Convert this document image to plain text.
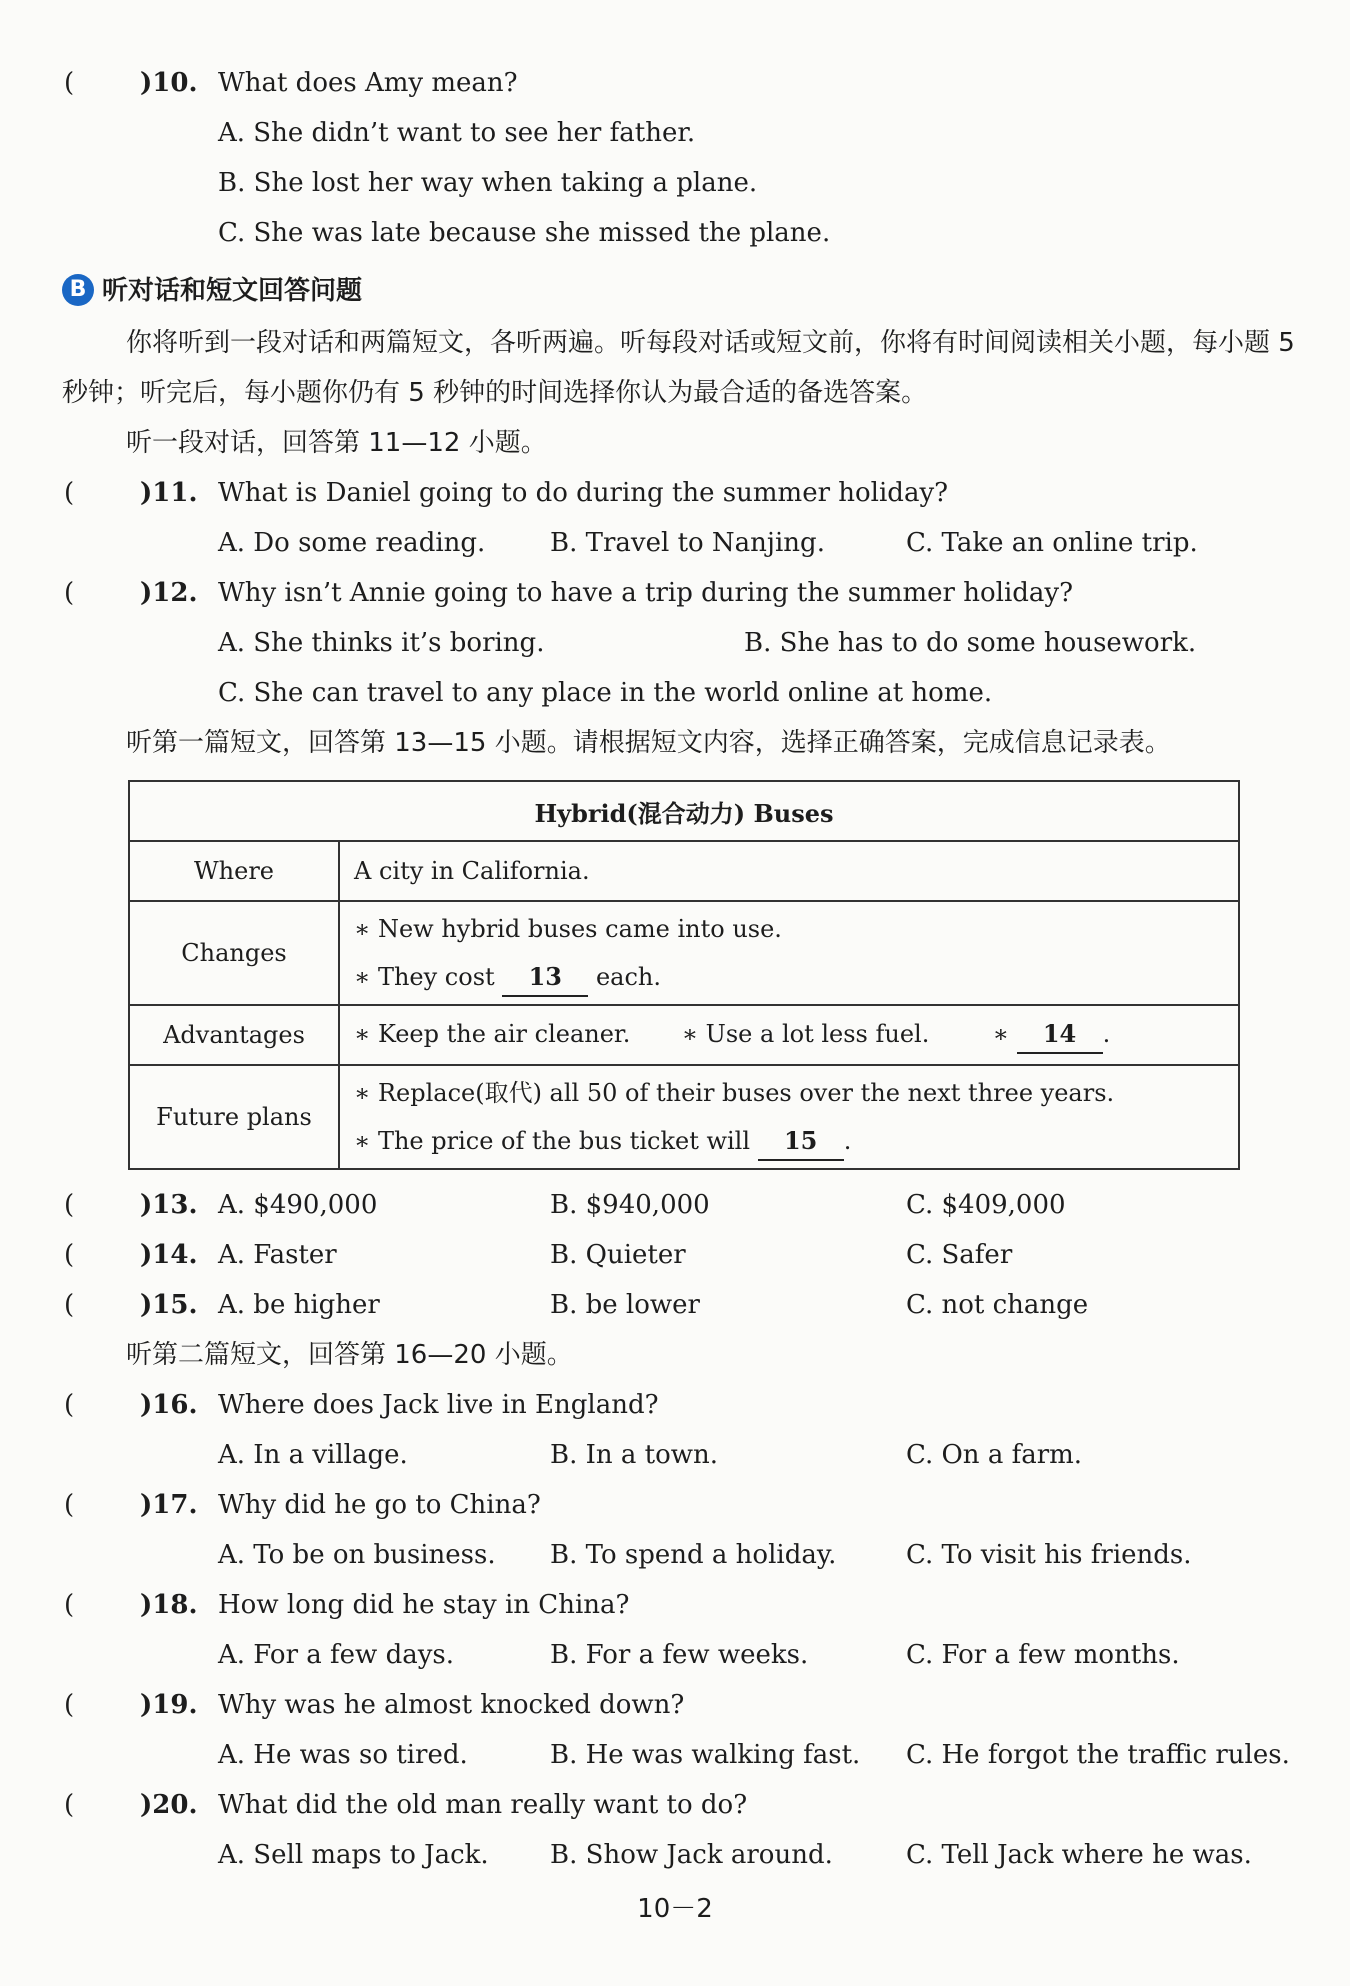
(	)10. What does Amy mean?
A. She didn’t want to see her father.
B. She lost her way when taking a plane.
C. She was late because she missed the plane.
B 听对话和短文回答问题
你将听到一段对话和两篇短文，各听两遍。听每段对话或短文前，你将有时间阅读相关小题，每小题 5 秒钟；听完后，每小题你仍有 5 秒钟的时间选择你认为最合适的备选答案。
听一段对话，回答第 11—12 小题。
(	)11. What is Daniel going to do during the summer holiday?
A. Do some reading. B. Travel to Nanjing.	C. Take an online trip.
(	)12. Why isn’t Annie going to have a trip during the summer holiday?
A. She thinks it’s boring.	B. She has to do some housework.
C. She can travel to any place in the world online at home.
听第一篇短文，回答第 13—15 小题。请根据短文内容，选择正确答案，完成信息记录表。
Hybrid(混合动力) Buses	
Where	A city in California.
Changes	∗ New hybrid buses came into use.
∗ They cost 13 each.

Advantages	∗ Keep the air cleaner. ∗ Use a lot less fuel. ∗ 14 .
Future plans	∗ Replace(取代) all 50 of their buses over the next three years.
∗ The price of the bus ticket will 15 .
(	)13. A. $490,000	B. $940,000	C. $409,000
(	)14. A. Faster	B. Quieter	C. Safer
(	)15. A. be higher	B. be lower	C. not change
听第二篇短文，回答第 16—20 小题。
(	)16. Where does Jack live in England?
A. In a village.	B. In a town.	C. On a farm.
(	)17. Why did he go to China?
A. To be on business. B. To spend a holiday.	C. To visit his friends.
(	)18. How long did he stay in China?
A. For a few days.	B. For a few weeks.	C. For a few months.
(	)19. Why was he almost knocked down?
A. He was so tired.	B. He was walking fast. C. He forgot the traffic rules.
(	)20. What did the old man really want to do?
A. Sell maps to Jack. B. Show Jack around.	C. Tell Jack where he was.
10－2
